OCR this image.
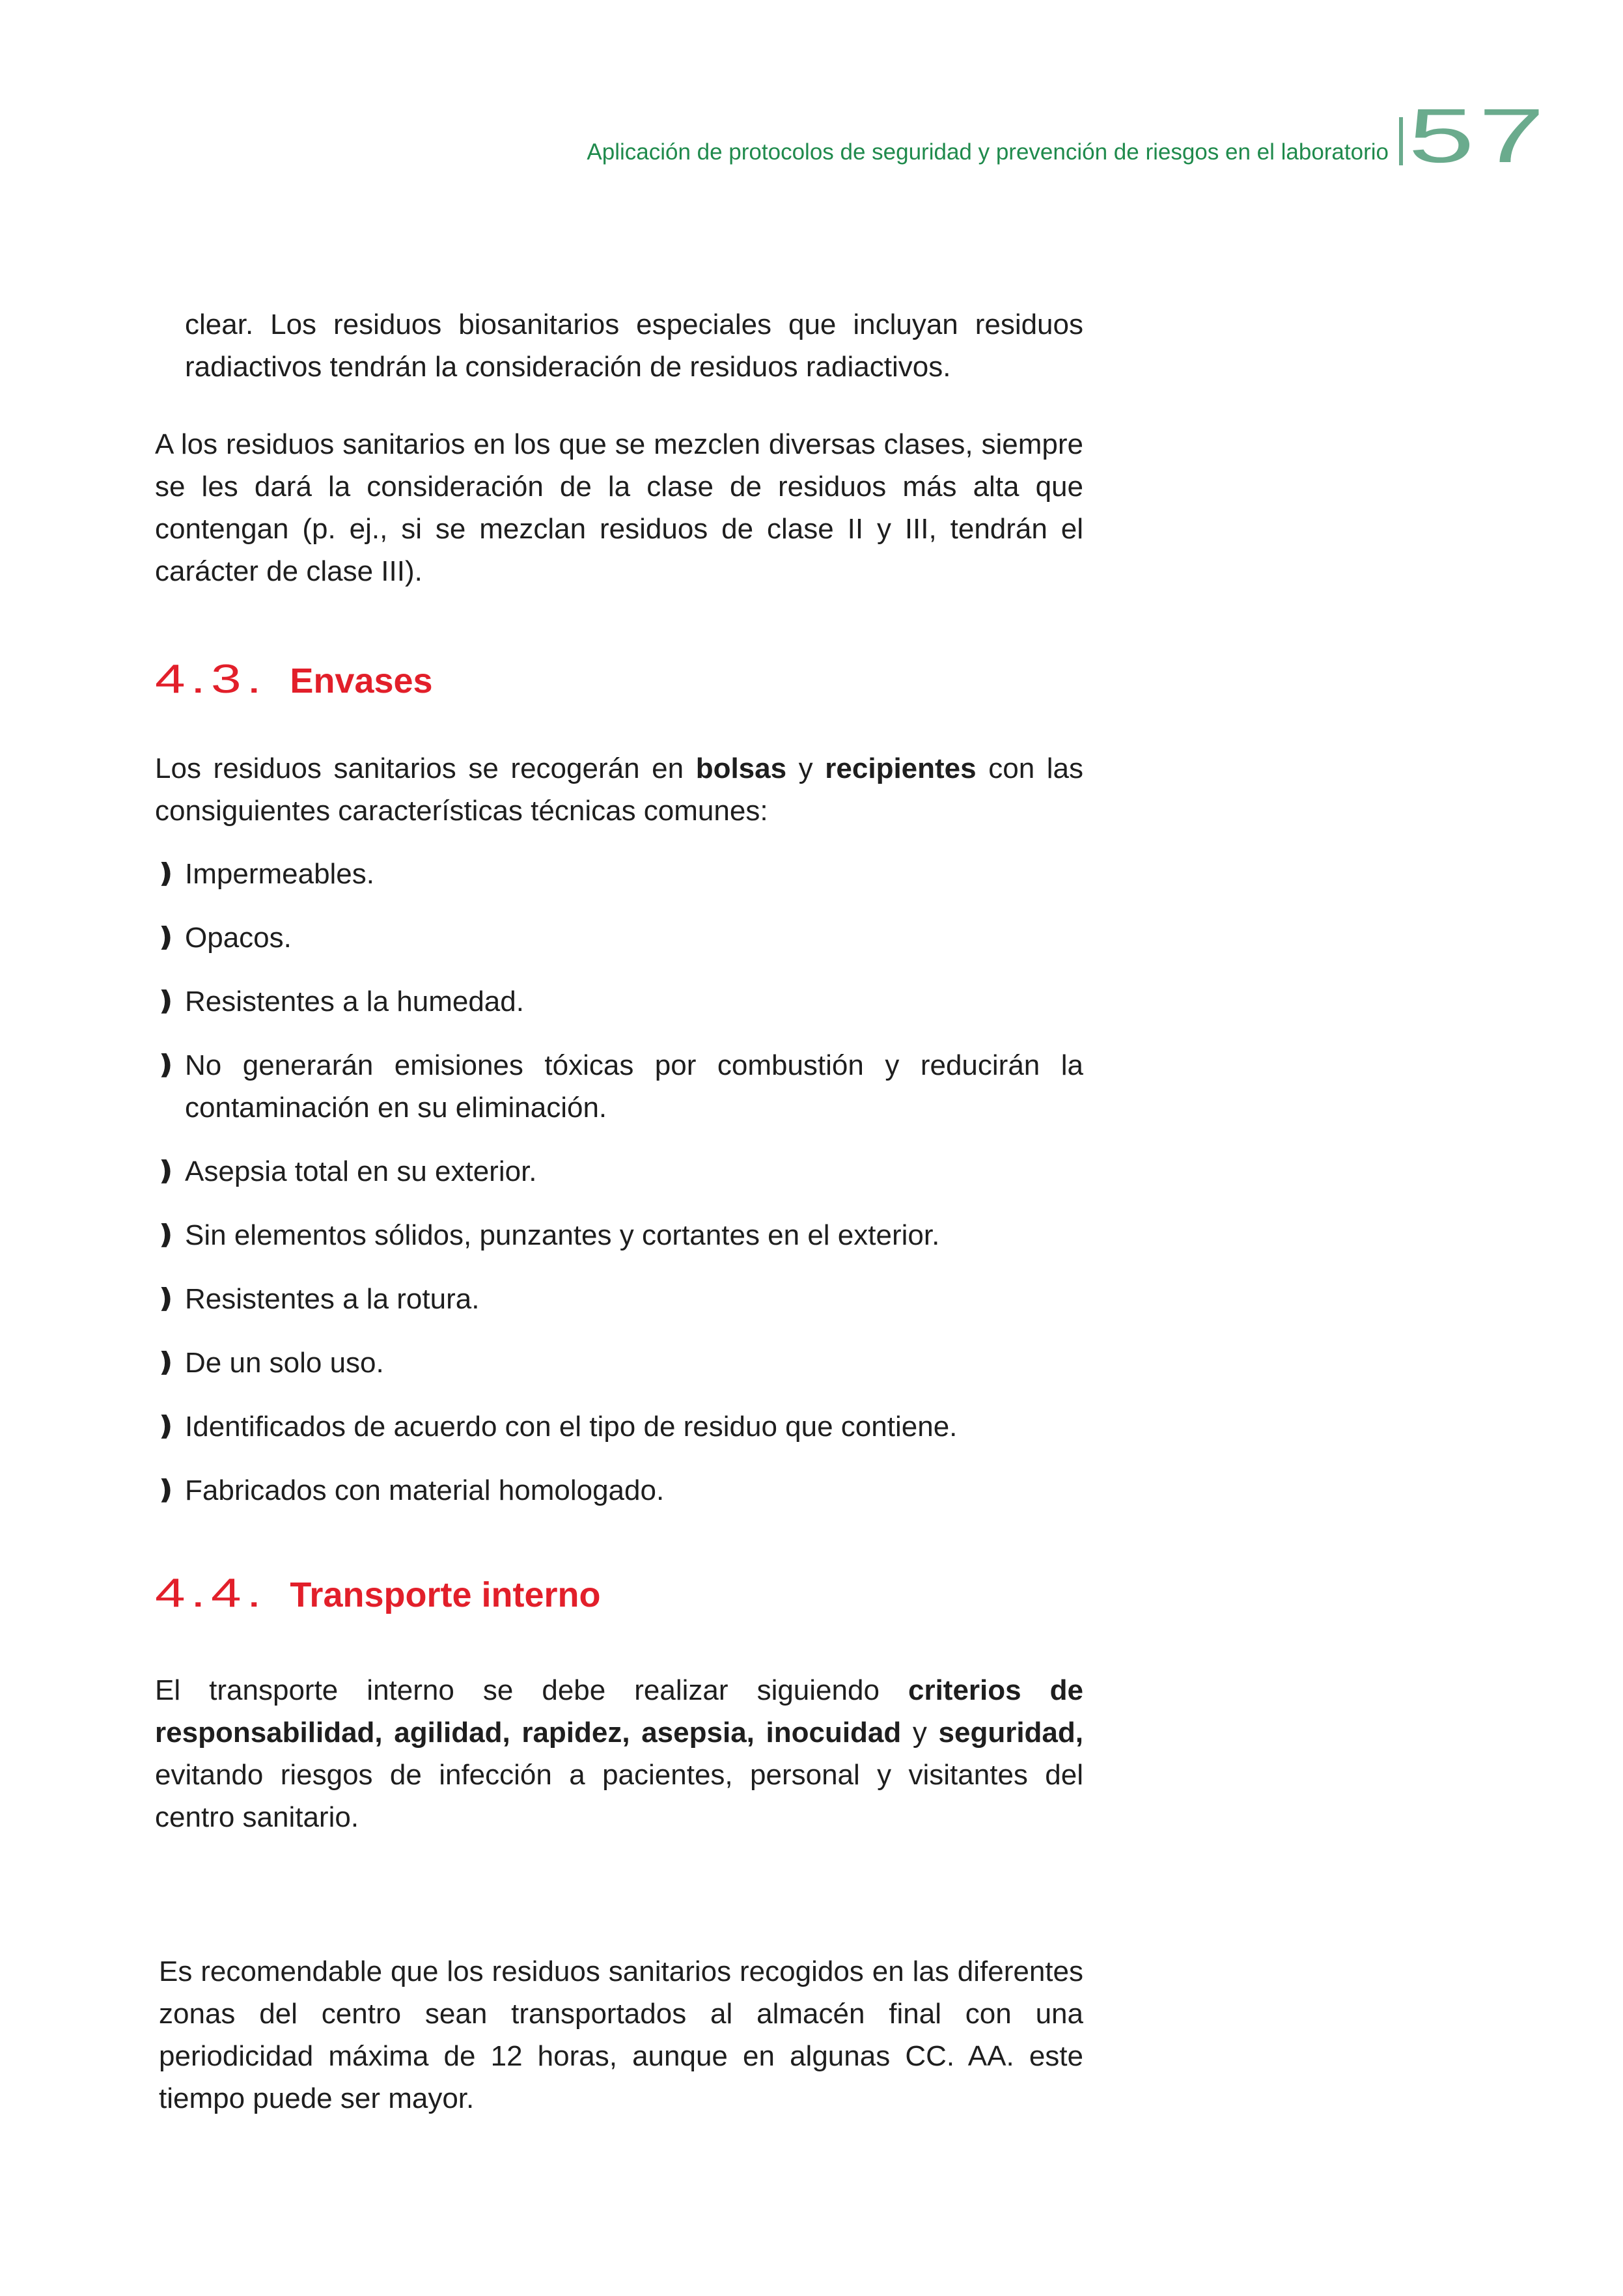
Aplicación de protocolos de seguridad y prevención de riesgos en el laboratorio 57

clear. Los residuos biosanitarios especiales que incluyan residuos radiactivos tendrán la consideración de residuos radiactivos.

A los residuos sanitarios en los que se mezclen diversas clases, siempre se les dará la consideración de la clase de residuos más alta que contengan (p. ej., si se mezclan residuos de clase II y III, tendrán el carácter de clase III).

4.3. Envases

Los residuos sanitarios se recogerán en bolsas y recipientes con las consiguientes características técnicas comunes:

❫ Impermeables.
❫ Opacos.
❫ Resistentes a la humedad.
❫ No generarán emisiones tóxicas por combustión y reducirán la contaminación en su eliminación.
❫ Asepsia total en su exterior.
❫ Sin elementos sólidos, punzantes y cortantes en el exterior.
❫ Resistentes a la rotura.
❫ De un solo uso.
❫ Identificados de acuerdo con el tipo de residuo que contiene.
❫ Fabricados con material homologado.
4.4. Transporte interno

El transporte interno se debe realizar siguiendo criterios de responsabilidad, agilidad, rapidez, asepsia, inocuidad y seguridad, evitando riesgos de infección a pacientes, personal y visitantes del centro sanitario.

Es recomendable que los residuos sanitarios recogidos en las diferentes zonas del centro sean transportados al almacén final con una periodicidad máxima de 12 horas, aunque en algunas CC. AA. este tiempo puede ser mayor.
